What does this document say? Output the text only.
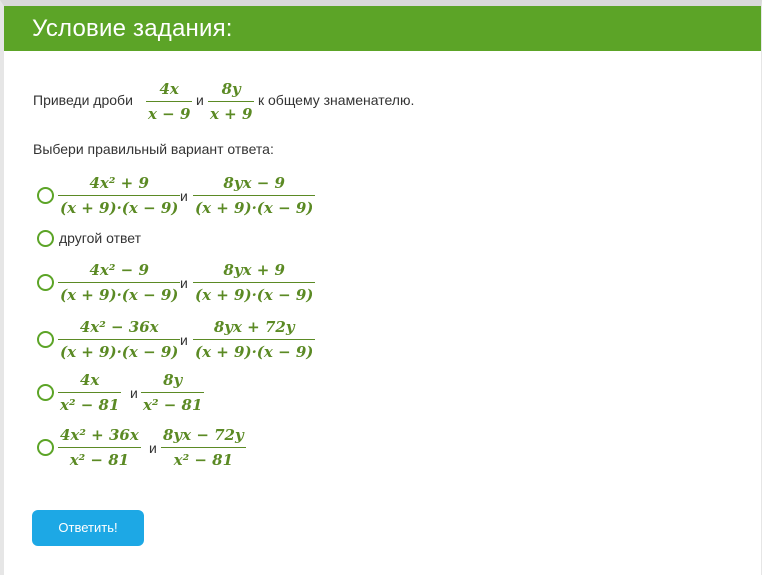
Условие задания:
Приведи дроби
4x
x − 9
и
8y
x + 9
к общему знаменателю.
Выбери правильный вариант ответа:
4x² + 9
(x + 9)·(x − 9)
и
8yx − 9
(x + 9)·(x − 9)
другой ответ
4x² − 9
(x + 9)·(x − 9)
и
8yx + 9
(x + 9)·(x − 9)
4x² − 36x
(x + 9)·(x − 9)
и
8yx + 72y
(x + 9)·(x − 9)
4x
x² − 81
и
8y
x² − 81
4x² + 36x
x² − 81
и
8yx − 72y
x² − 81
Ответить!
